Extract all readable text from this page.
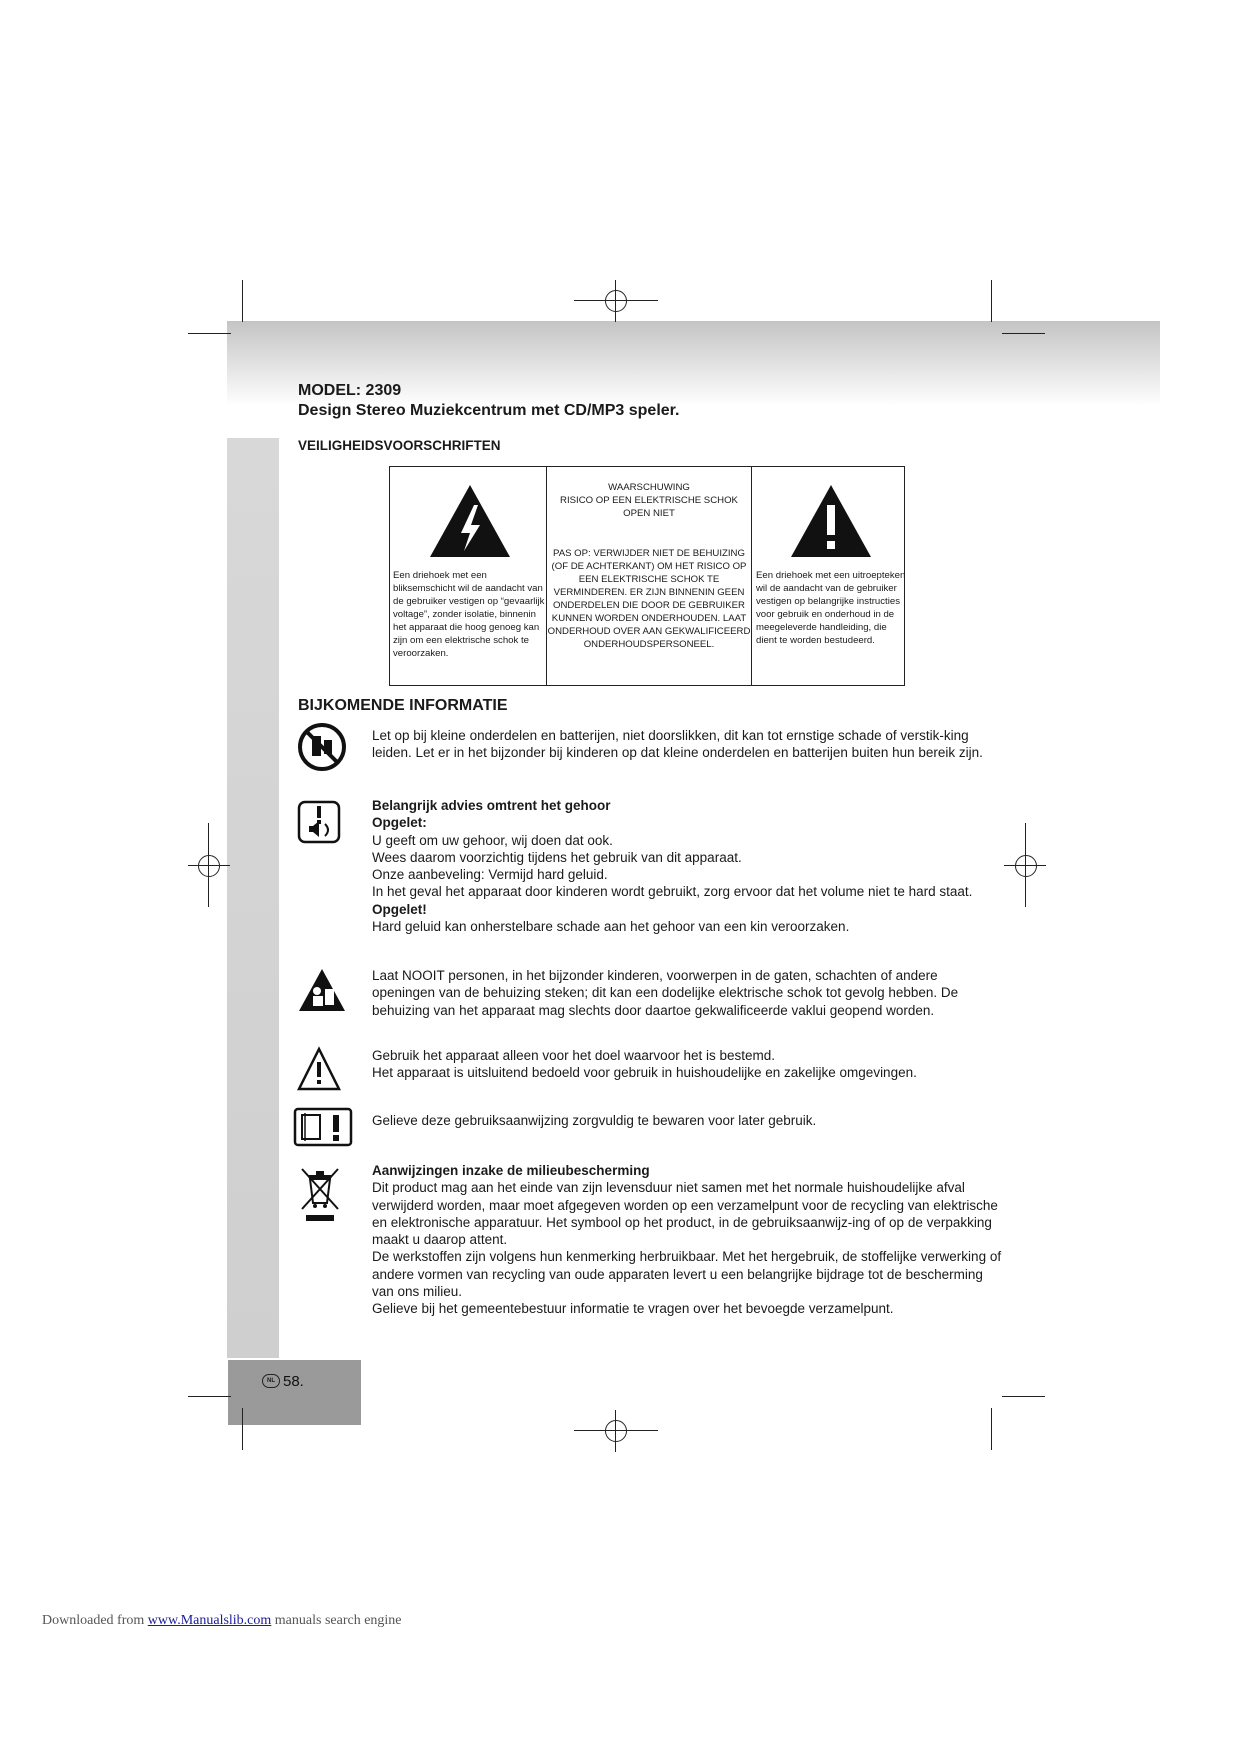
MODEL: 2309
Design Stereo Muziekcentrum met CD/MP3 speler.
VEILIGHEIDSVOORSCHRIFTEN
Een driehoek met een bliksemschicht wil de aandacht van de gebruiker vestigen op “gevaarlijk voltage”, zonder isolatie, binnenin het apparaat die hoog genoeg kan zijn om een elektrische schok te veroorzaken.
WAARSCHUWING
RISICO OP EEN ELEKTRISCHE SCHOK
OPEN NIET
PAS OP: VERWIJDER NIET DE BEHUIZING (OF DE ACHTERKANT) OM HET RISICO OP EEN ELEKTRISCHE SCHOK TE VERMINDEREN. ER ZIJN BINNENIN GEEN ONDERDELEN DIE DOOR DE GEBRUIKER KUNNEN WORDEN ONDERHOUDEN. LAAT ONDERHOUD OVER AAN GEKWALIFICEERD ONDERHOUDSPERSONEEL.
Een driehoek met een uitroepteken wil de aandacht van de gebruiker vestigen op belangrijke instructies voor gebruik en onderhoud in de meegeleverde handleiding, die dient te worden bestudeerd.
BIJKOMENDE INFORMATIE
Let op bij kleine onderdelen en batterijen, niet doorslikken, dit kan tot ernstige schade of verstik-king leiden. Let er in het bijzonder bij kinderen op dat kleine onderdelen en batterijen buiten hun bereik zijn.
Belangrijk advies omtrent het gehoor
Opgelet:
U geeft om uw gehoor, wij doen dat ook.
Wees daarom voorzichtig tijdens het gebruik van dit apparaat.
Onze aanbeveling: Vermijd hard geluid.
In het geval het apparaat door kinderen wordt gebruikt, zorg ervoor dat het volume niet te hard staat.
Opgelet!
Hard geluid kan onherstelbare schade aan het gehoor van een kin veroorzaken.
Laat NOOIT personen, in het bijzonder kinderen, voorwerpen in de gaten, schachten of andere openingen van de behuizing steken; dit kan een dodelijke elektrische schok tot gevolg hebben. De behuizing van het apparaat mag slechts door daartoe gekwalificeerde vaklui geopend worden.
Gebruik het apparaat alleen voor het doel waarvoor het is bestemd.
Het apparaat is uitsluitend bedoeld voor gebruik in huishoudelijke en zakelijke omgevingen.
Gelieve deze gebruiksaanwijzing zorgvuldig te bewaren voor later gebruik.
Aanwijzingen inzake de milieubescherming
Dit product mag aan het einde van zijn levensduur niet samen met het normale huishoudelijke afval verwijderd worden, maar moet afgegeven worden op een verzamelpunt voor de recycling van elektrische en elektronische apparatuur. Het symbool op het product, in de gebruiksaanwijz-ing of op de verpakking maakt u daarop attent.
De werkstoffen zijn volgens hun kenmerking herbruikbaar. Met het hergebruik, de stoffelijke verwerking of andere vormen van recycling van oude apparaten levert u een belangrijke bijdrage tot de bescherming van ons milieu.
Gelieve bij het gemeentebestuur informatie te vragen over het bevoegde verzamelpunt.
NL 58.
Downloaded from www.Manualslib.com manuals search engine
